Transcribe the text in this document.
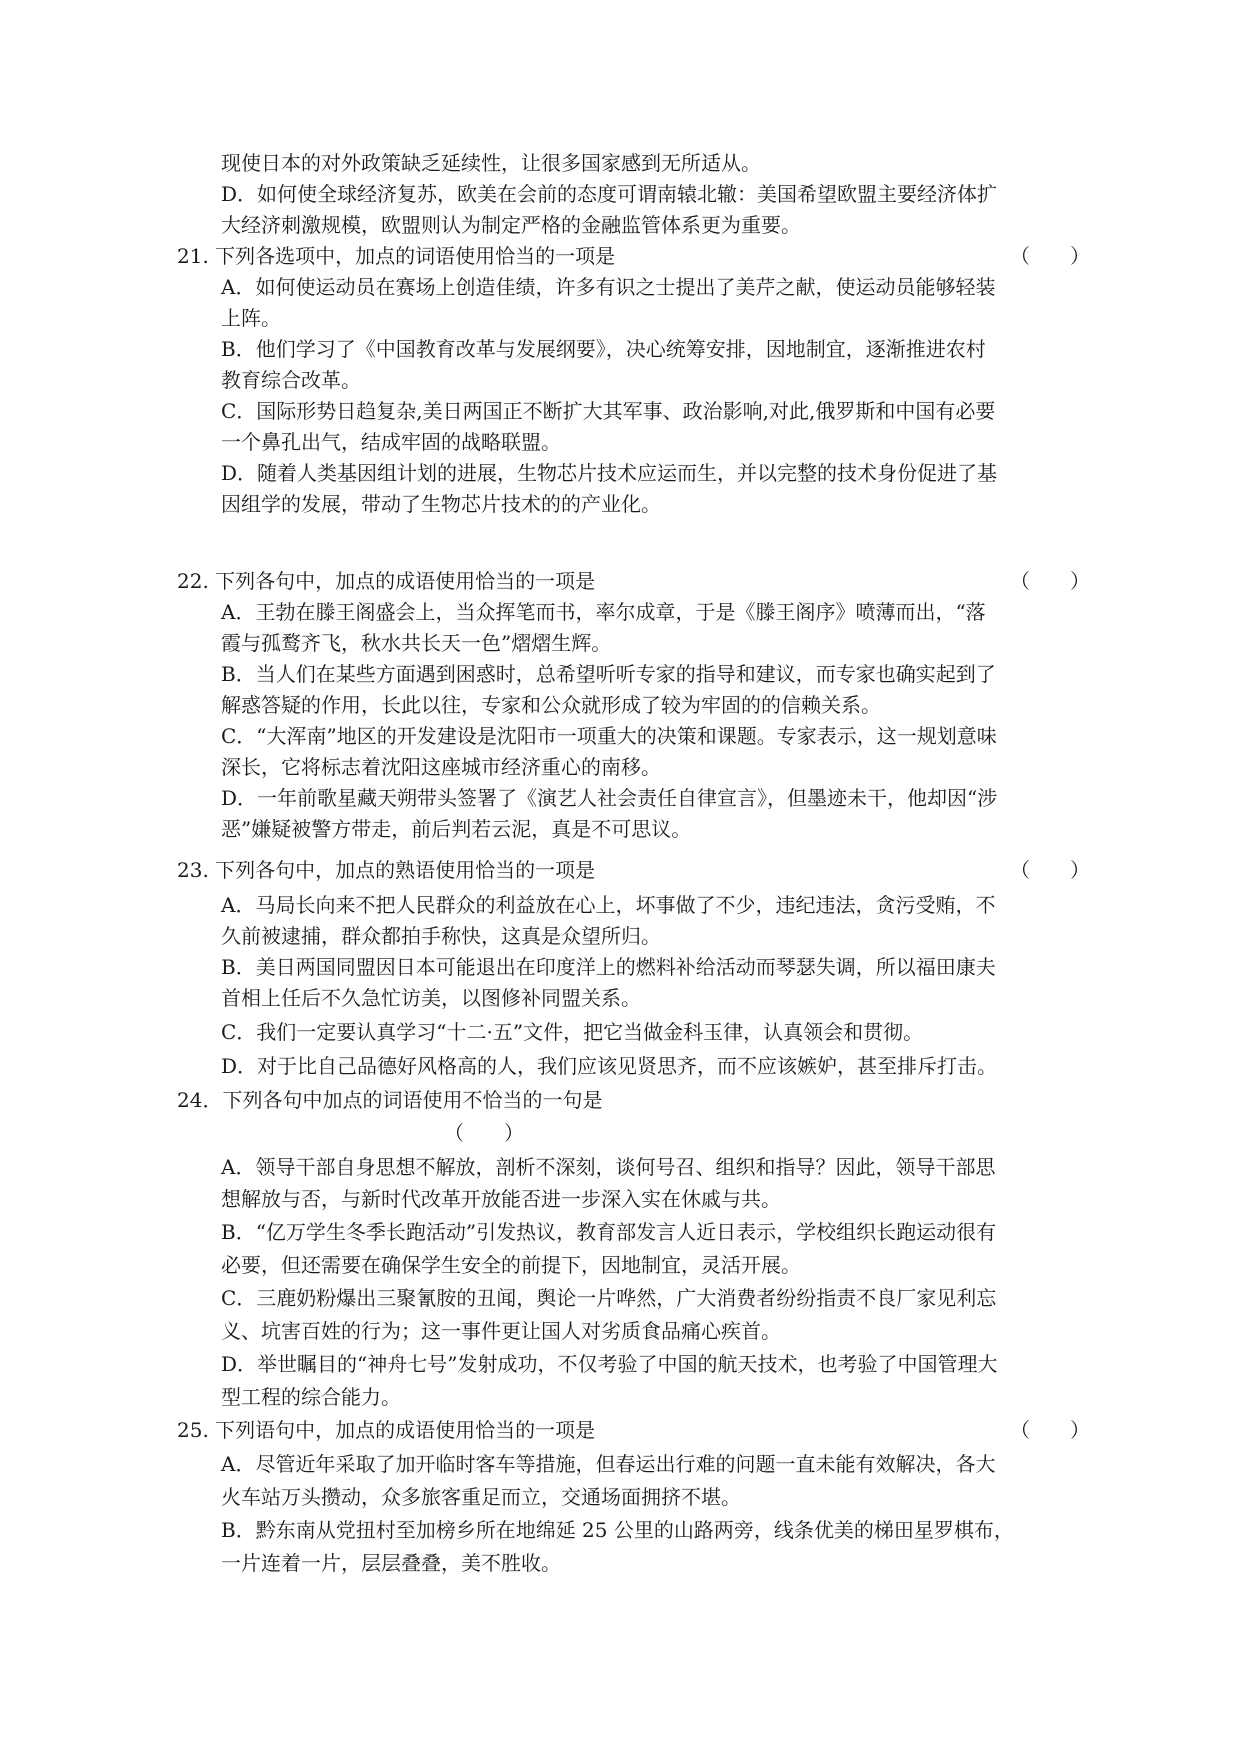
现使日本的对外政策缺乏延续性，让很多国家感到无所适从。
D．如何使全球经济复苏，欧美在会前的态度可谓南辕北辙：美国希望欧盟主要经济体扩
大经济刺激规模，欧盟则认为制定严格的金融监管体系更为重要。
21. 下列各选项中，加点的词语使用恰当的一项是	（　　）
A．如何使运动员在赛场上创造佳绩，许多有识之士提出了美芹之献，使运动员能够轻装
上阵。
B．他们学习了《中国教育改革与发展纲要》，决心统筹安排，因地制宜，逐渐推进农村
教育综合改革。
C．国际形势日趋复杂,美日两国正不断扩大其军事、政治影响,对此,俄罗斯和中国有必要
一个鼻孔出气，结成牢固的战略联盟。
D．随着人类基因组计划的进展，生物芯片技术应运而生，并以完整的技术身份促进了基
因组学的发展，带动了生物芯片技术的的产业化。
22. 下列各句中，加点的成语使用恰当的一项是	（　　）
A．王勃在滕王阁盛会上，当众挥笔而书，率尔成章，于是《滕王阁序》喷薄而出，“落
霞与孤鹜齐飞，秋水共长天一色”熠熠生辉。
B．当人们在某些方面遇到困惑时，总希望听听专家的指导和建议，而专家也确实起到了
解惑答疑的作用，长此以往，专家和公众就形成了较为牢固的的信赖关系。
C．“大浑南”地区的开发建设是沈阳市一项重大的决策和课题。专家表示，这一规划意味
深长，它将标志着沈阳这座城市经济重心的南移。
D．一年前歌星藏天朔带头签署了《演艺人社会责任自律宣言》，但墨迹未干，他却因“涉
恶”嫌疑被警方带走，前后判若云泥，真是不可思议。
23. 下列各句中，加点的熟语使用恰当的一项是	（　　）
A．马局长向来不把人民群众的利益放在心上，坏事做了不少，违纪违法，贪污受贿，不
久前被逮捕，群众都拍手称快，这真是众望所归。
B．美日两国同盟因日本可能退出在印度洋上的燃料补给活动而琴瑟失调，所以福田康夫
首相上任后不久急忙访美，以图修补同盟关系。
C．我们一定要认真学习“十二·五”文件，把它当做金科玉律，认真领会和贯彻。
D．对于比自己品德好风格高的人，我们应该见贤思齐，而不应该嫉妒，甚至排斥打击。
24．下列各句中加点的词语使用不恰当的一句是
（　　）
A．领导干部自身思想不解放，剖析不深刻，谈何号召、组织和指导？因此，领导干部思
想解放与否，与新时代改革开放能否进一步深入实在休戚与共。
B．“亿万学生冬季长跑活动”引发热议，教育部发言人近日表示，学校组织长跑运动很有
必要，但还需要在确保学生安全的前提下，因地制宜，灵活开展。
C．三鹿奶粉爆出三聚氰胺的丑闻，舆论一片哗然，广大消费者纷纷指责不良厂家见利忘
义、坑害百姓的行为；这一事件更让国人对劣质食品痛心疾首。
D．举世瞩目的“神舟七号”发射成功，不仅考验了中国的航天技术，也考验了中国管理大
型工程的综合能力。
25. 下列语句中，加点的成语使用恰当的一项是	（　　）
A．尽管近年采取了加开临时客车等措施，但春运出行难的问题一直未能有效解决，各大
火车站万头攒动，众多旅客重足而立，交通场面拥挤不堪。
B．黔东南从党扭村至加榜乡所在地绵延 25 公里的山路两旁，线条优美的梯田星罗棋布，
一片连着一片，层层叠叠，美不胜收。
